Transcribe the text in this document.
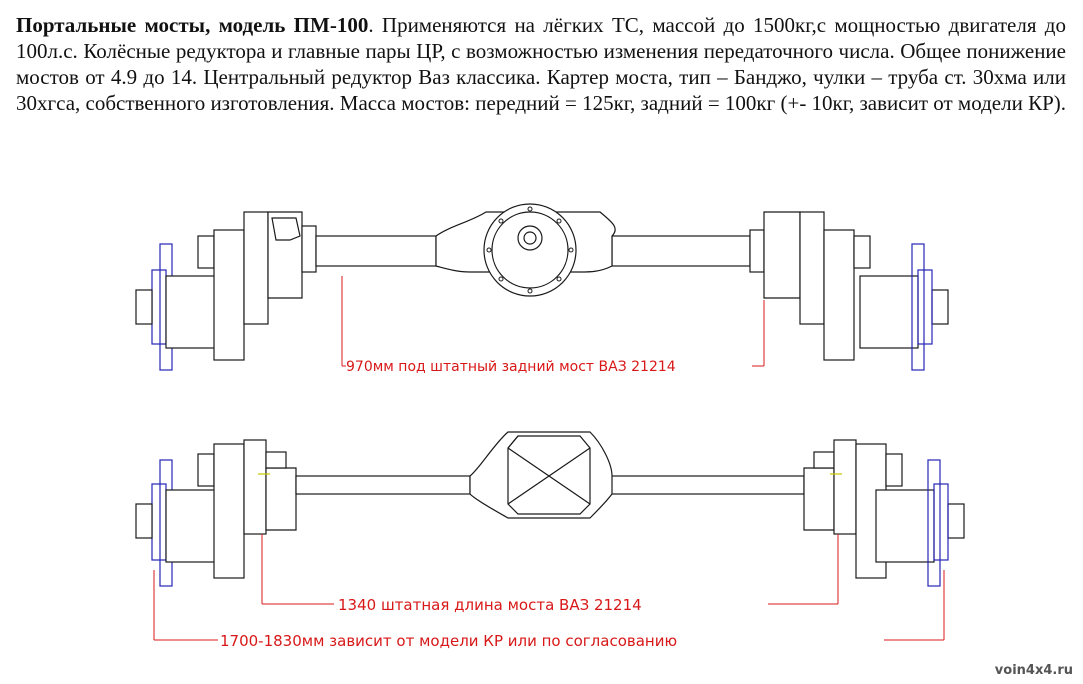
Портальные мосты, модель ПМ-100. Применяются на лёгких ТС, массой до 1500кг,с мощностью двигателя до 100л.с. Колёсные редуктора и главные пары ЦР, с возможностью изменения передаточного числа. Общее понижение мостов от 4.9 до 14. Центральный редуктор Ваз классика. Картер моста, тип – Банджо, чулки – труба ст. 30хма или 30хгса, собственного изготовления. Масса мостов: передний = 125кг, задний = 100кг (+- 10кг, зависит от модели КР).
970мм под штатный задний мост ВАЗ 21214
1340 штатная длина моста ВАЗ 21214
1700-1830мм зависит от модели КР или по согласованию
voin4x4.ru
